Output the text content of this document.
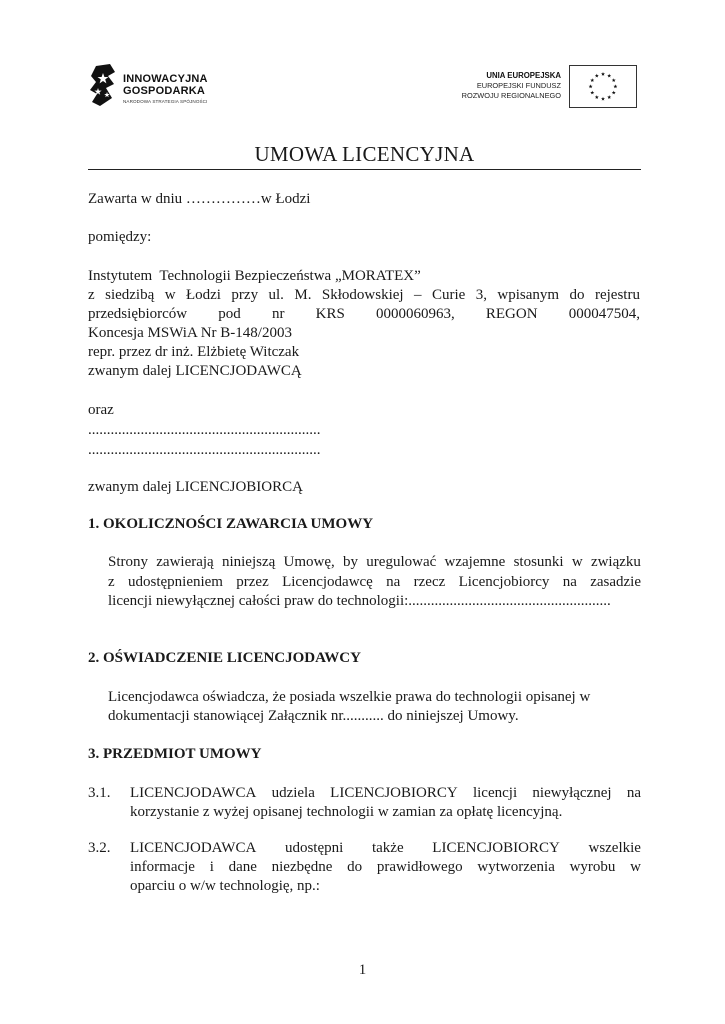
INNOWACYJNA
GOSPODARKA
NARODOWA STRATEGIA SPÓJNOŚCI
UNIA EUROPEJSKA
EUROPEJSKI FUNDUSZ
ROZWOJU REGIONALNEGO
UMOWA LICENCYJNA
Zawarta w dniu ……………w Łodzi
pomiędzy:
Instytutem Technologii Bezpieczeństwa „MORATEX”
z siedzibą w Łodzi przy ul. M. Skłodowskiej – Curie 3, wpisanym do rejestru
przedsiębiorców pod nr KRS 0000060963, REGON 000047504,
Koncesja MSWiA Nr B-148/2003
repr. przez dr inż. Elżbietę Witczak
zwanym dalej LICENCJODAWCĄ
oraz
..............................................................
..............................................................
zwanym dalej LICENCJOBIORCĄ
1. OKOLICZNOŚCI ZAWARCIA UMOWY
Strony zawierają niniejszą Umowę, by uregulować wzajemne stosunki w związku
z udostępnieniem przez Licencjodawcę na rzecz Licencjobiorcy na zasadzie
licencji niewyłącznej całości praw do technologii:......................................................
2. OŚWIADCZENIE LICENCJODAWCY
Licencjodawca oświadcza, że posiada wszelkie prawa do technologii opisanej w
dokumentacji stanowiącej Załącznik nr........... do niniejszej Umowy.
3. PRZEDMIOT UMOWY
3.1. LICENCJODAWCA udziela LICENCJOBIORCY licencji niewyłącznej na
korzystanie z wyżej opisanej technologii w zamian za opłatę licencyjną.
3.2. LICENCJODAWCA udostępni także LICENCJOBIORCY wszelkie
informacje i dane niezbędne do prawidłowego wytworzenia wyrobu w
oparciu o w/w technologię, np.:
1
